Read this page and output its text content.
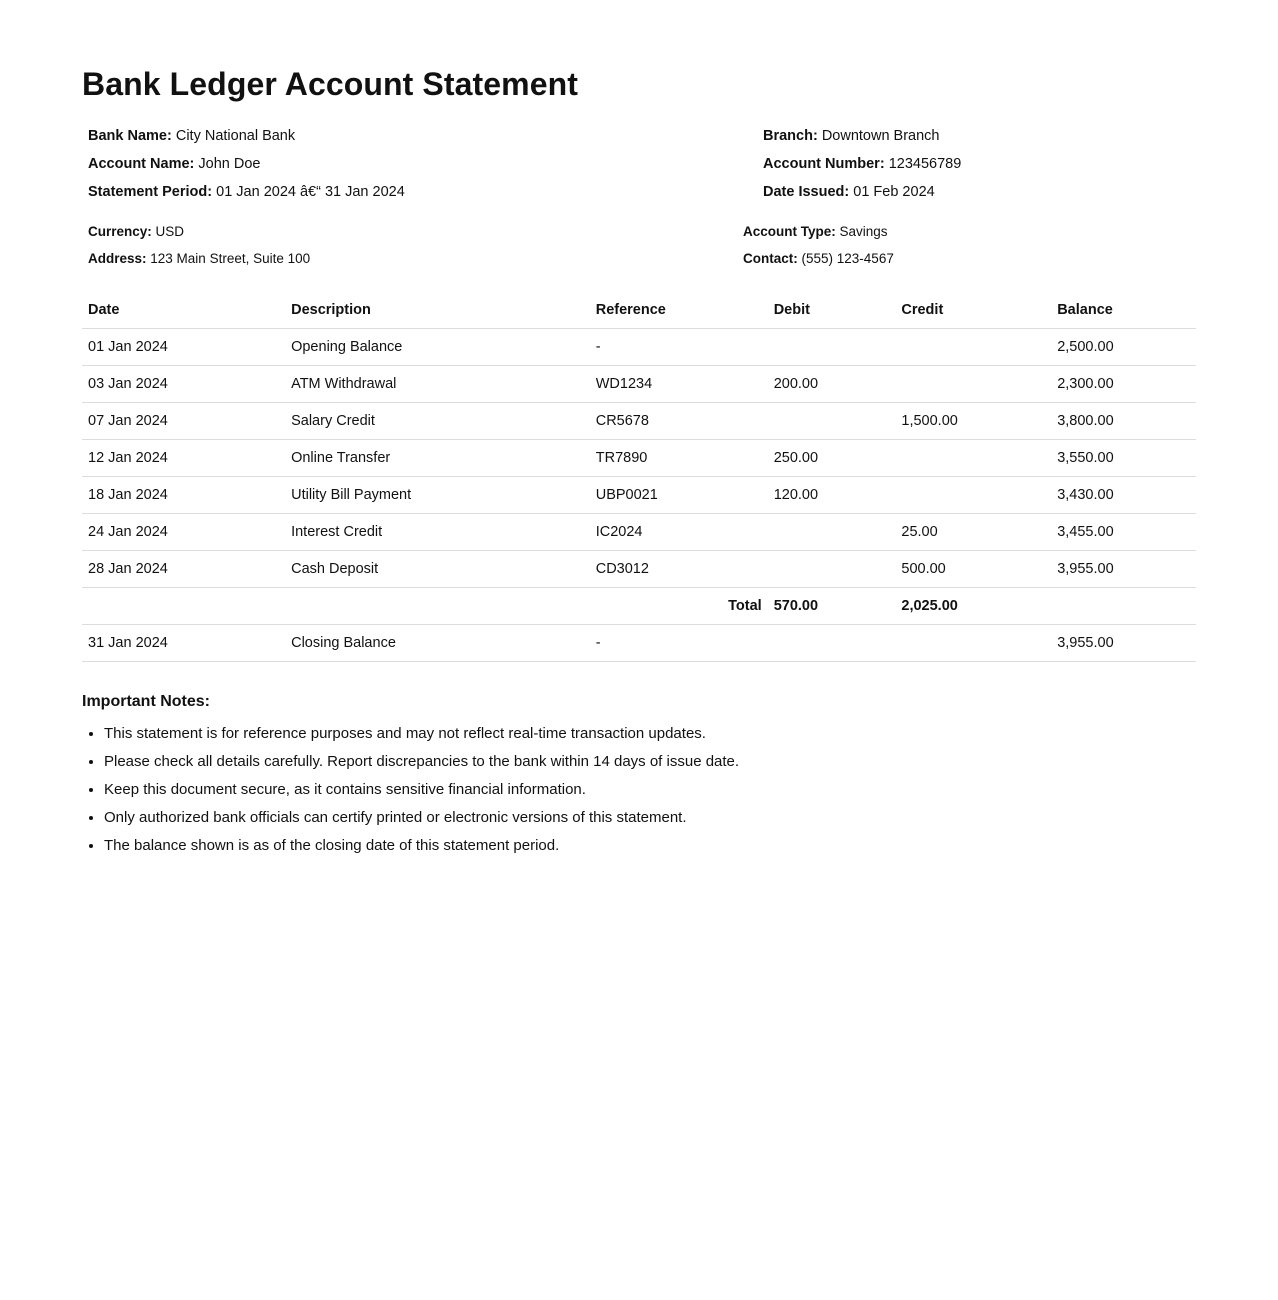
Bank Ledger Account Statement
Bank Name: City National Bank
Account Name: John Doe
Statement Period: 01 Jan 2024 â€“ 31 Jan 2024
Branch: Downtown Branch
Account Number: 123456789
Date Issued: 01 Feb 2024
Currency: USD
Address: 123 Main Street, Suite 100
Account Type: Savings
Contact: (555) 123-4567
Date	Description	Reference	Debit	Credit	Balance
01 Jan 2024	Opening Balance	-			2,500.00
03 Jan 2024	ATM Withdrawal	WD1234	200.00		2,300.00
07 Jan 2024	Salary Credit	CR5678		1,500.00	3,800.00
12 Jan 2024	Online Transfer	TR7890	250.00		3,550.00
18 Jan 2024	Utility Bill Payment	UBP0021	120.00		3,430.00
24 Jan 2024	Interest Credit	IC2024		25.00	3,455.00
28 Jan 2024	Cash Deposit	CD3012		500.00	3,955.00
Total			570.00	2,025.00	
31 Jan 2024	Closing Balance	-			3,955.00
Important Notes:
• This statement is for reference purposes and may not reflect real-time transaction updates.
• Please check all details carefully. Report discrepancies to the bank within 14 days of issue date.
• Keep this document secure, as it contains sensitive financial information.
• Only authorized bank officials can certify printed or electronic versions of this statement.
• The balance shown is as of the closing date of this statement period.
